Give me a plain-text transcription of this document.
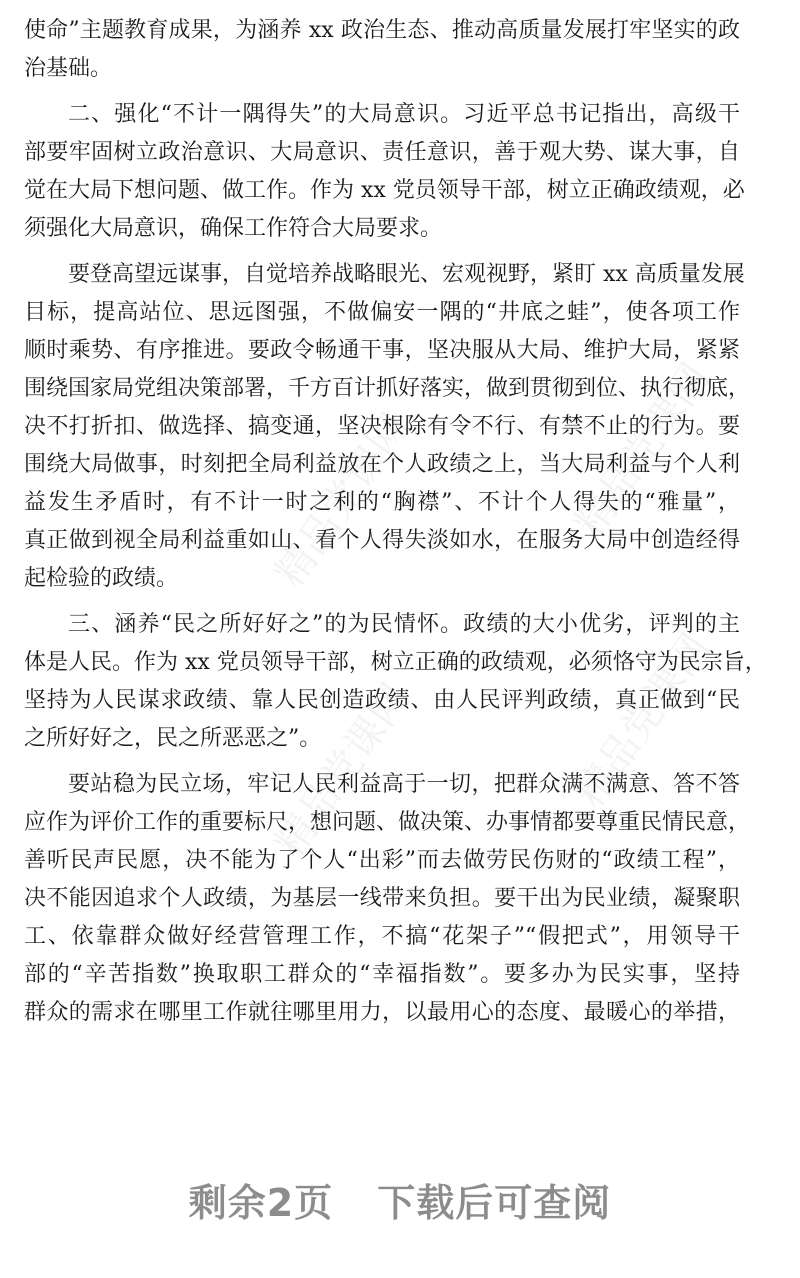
精品党课网	精品党课网
精品党课网	精品党课网
使命”主题教育成果，为涵养 xx 政治生态、推动高质量发展打牢坚实的政
治基础。
二、强化“不计一隅得失”的大局意识。习近平总书记指出，高级干
部要牢固树立政治意识、大局意识、责任意识，善于观大势、谋大事，自
觉在大局下想问题、做工作。作为 xx 党员领导干部，树立正确政绩观，必
须强化大局意识，确保工作符合大局要求。
要登高望远谋事，自觉培养战略眼光、宏观视野，紧盯 xx 高质量发展
目标，提高站位、思远图强，不做偏安一隅的“井底之蛙”，使各项工作
顺时乘势、有序推进。要政令畅通干事，坚决服从大局、维护大局，紧紧
围绕国家局党组决策部署，千方百计抓好落实，做到贯彻到位、执行彻底，
决不打折扣、做选择、搞变通，坚决根除有令不行、有禁不止的行为。要
围绕大局做事，时刻把全局利益放在个人政绩之上，当大局利益与个人利
益发生矛盾时，有不计一时之利的“胸襟”、不计个人得失的“雅量”，
真正做到视全局利益重如山、看个人得失淡如水，在服务大局中创造经得
起检验的政绩。
三、涵养“民之所好好之”的为民情怀。政绩的大小优劣，评判的主
体是人民。作为 xx 党员领导干部，树立正确的政绩观，必须恪守为民宗旨，
坚持为人民谋求政绩、靠人民创造政绩、由人民评判政绩，真正做到“民
之所好好之，民之所恶恶之”。
要站稳为民立场，牢记人民利益高于一切，把群众满不满意、答不答
应作为评价工作的重要标尺，想问题、做决策、办事情都要尊重民情民意，
善听民声民愿，决不能为了个人“出彩”而去做劳民伤财的“政绩工程”，
决不能因追求个人政绩，为基层一线带来负担。要干出为民业绩，凝聚职
工、依靠群众做好经营管理工作，不搞“花架子”“假把式”，用领导干
部的“辛苦指数”换取职工群众的“幸福指数”。要多办为民实事，坚持
群众的需求在哪里工作就往哪里用力，以最用心的态度、最暖心的举措，
剩余2页 下载后可查阅
